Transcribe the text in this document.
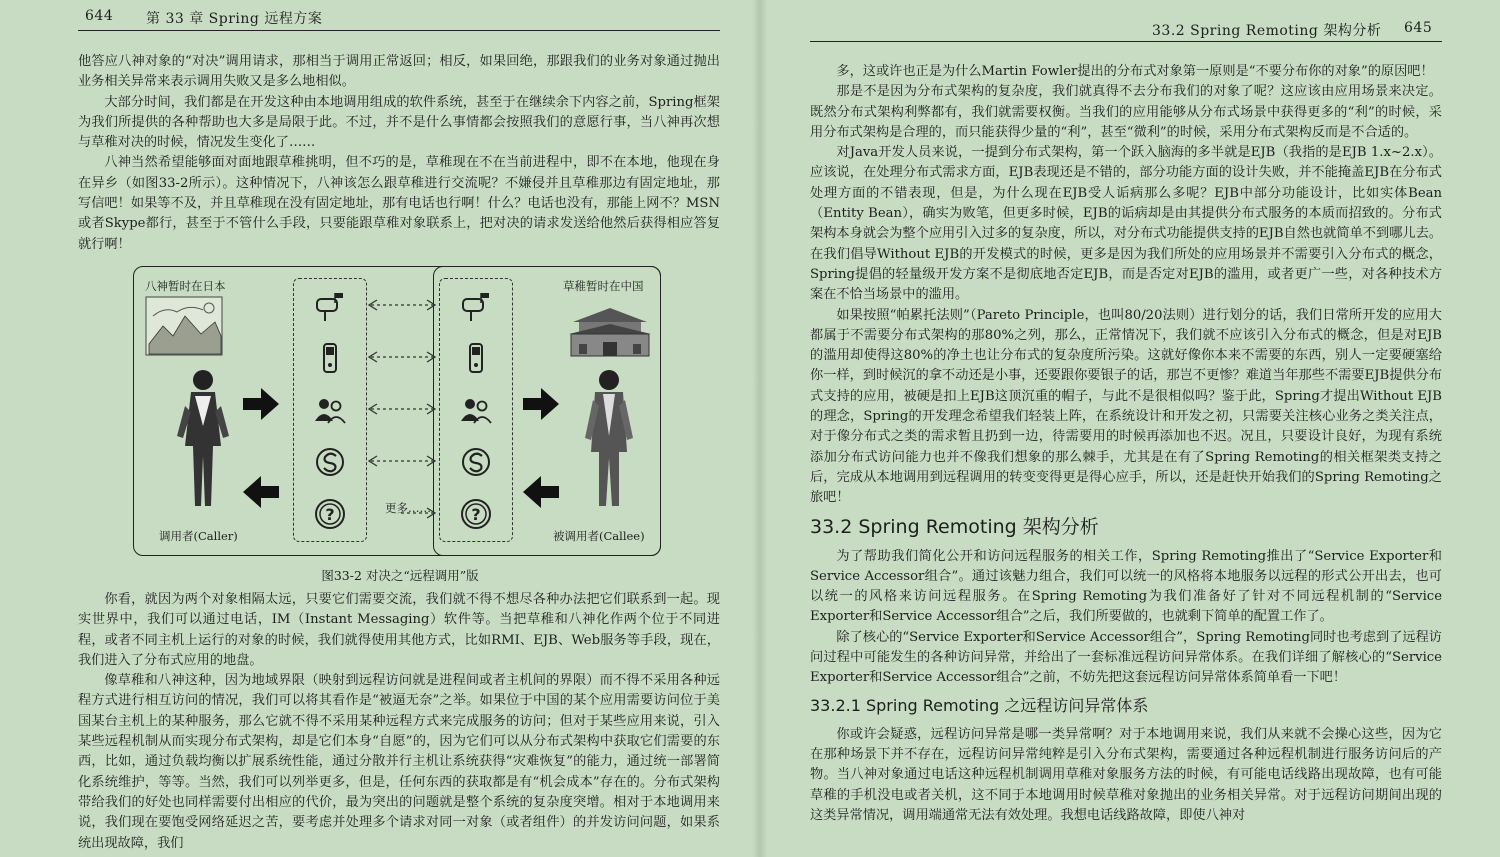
644 第 33 章 Spring 远程方案

他答应八神对象的“对决”调用请求，那相当于调用正常返回；相反，如果回绝，那跟我们的业务对象通过抛出业务相关异常来表示调用失败又是多么地相似。

大部分时间，我们都是在开发这种由本地调用组成的软件系统，甚至于在继续余下内容之前，Spring框架为我们所提供的各种帮助也大多是局限于此。不过，并不是什么事情都会按照我们的意愿行事，当八神再次想与草稚对决的时候，情况发生变化了……

八神当然希望能够面对面地跟草稚挑明，但不巧的是，草稚现在不在当前进程中，即不在本地，他现在身在异乡（如图33-2所示）。这种情况下，八神该怎么跟草稚进行交流呢？不嫌侵并且草稚那边有固定地址，那写信吧！如果等不及，并且草稚现在没有固定地址，那有电话也行啊！什么？电话也没有，那能上网不？MSN或者Skype都行，甚至于不管什么手段，只要能跟草稚对象联系上，把对决的请求发送给他然后获得相应答复就行啊！

八神暂时在日本	草稚暂时在中国
调用者(Caller)	被调用者(Callee)
?	?
更多……
图33-2 对决之“远程调用”版

你看，就因为两个对象相隔太远，只要它们需要交流，我们就不得不想尽各种办法把它们联系到一起。现实世界中，我们可以通过电话，IM（Instant Messaging）软件等。当把草稚和八神化作两个位于不同进程，或者不同主机上运行的对象的时候，我们就得使用其他方式，比如RMI、EJB、Web服务等手段，现在，我们进入了分布式应用的地盘。

像草稚和八神这种，因为地域界限（映射到远程访问就是进程间或者主机间的界限）而不得不采用各种远程方式进行相互访问的情况，我们可以将其看作是“被逼无奈”之举。如果位于中国的某个应用需要访问位于美国某台主机上的某种服务，那么它就不得不采用某种远程方式来完成服务的访问；但对于某些应用来说，引入某些远程机制从而实现分布式架构，却是它们本身“自愿”的，因为它们可以从分布式架构中获取它们需要的东西，比如，通过负载均衡以扩展系统性能，通过分散并行主机让系统获得“灾难恢复”的能力，通过统一部署简化系统维护，等等。当然，我们可以列举更多，但是，任何东西的获取都是有“机会成本”存在的。分布式架构带给我们的好处也同样需要付出相应的代价，最为突出的问题就是整个系统的复杂度突增。相对于本地调用来说，我们现在要饱受网络延迟之苦，要考虑并处理多个请求对同一对象（或者组件）的并发访问问题，如果系统出现故障，我们

33.2 Spring Remoting 架构分析 645

多，这或许也正是为什么Martin Fowler提出的分布式对象第一原则是“不要分布你的对象”的原因吧！

那是不是因为分布式架构的复杂度，我们就真得不去分布我们的对象了呢？这应该由应用场景来决定。既然分布式架构利弊都有，我们就需要权衡。当我们的应用能够从分布式场景中获得更多的“利”的时候，采用分布式架构是合理的，而只能获得少量的“利”，甚至“微利”的时候，采用分布式架构反而是不合适的。

对Java开发人员来说，一提到分布式架构，第一个跃入脑海的多半就是EJB（我指的是EJB 1.x~2.x）。应该说，在处理分布式需求方面，EJB表现还是不错的，部分功能方面的设计失败，并不能掩盖EJB在分布式处理方面的不错表现，但是，为什么现在EJB受人诟病那么多呢？EJB中部分功能设计，比如实体Bean（Entity Bean），确实为败笔，但更多时候，EJB的诟病却是由其提供分布式服务的本质而招致的。分布式架构本身就会为整个应用引入过多的复杂度，所以，对分布式功能提供支持的EJB自然也就简单不到哪儿去。在我们倡导Without EJB的开发模式的时候，更多是因为我们所处的应用场景并不需要引入分布式的概念，Spring提倡的轻量级开发方案不是彻底地否定EJB，而是否定对EJB的滥用，或者更广一些，对各种技术方案在不恰当场景中的滥用。

如果按照“帕累托法则”（Pareto Principle，也叫80/20法则）进行划分的话，我们日常所开发的应用大都属于不需要分布式架构的那80%之列，那么，正常情况下，我们就不应该引入分布式的概念，但是对EJB的滥用却使得这80%的净土也让分布式的复杂度所污染。这就好像你本来不需要的东西，别人一定要硬塞给你一样，到时候沉的拿不动还是小事，还要跟你要银子的话，那岂不更惨？难道当年那些不需要EJB提供分布式支持的应用，被硬是扣上EJB这顶沉重的帽子，与此不是很相似吗？鉴于此，Spring才提出Without EJB的理念，Spring的开发理念希望我们轻装上阵，在系统设计和开发之初，只需要关注核心业务之类关注点，对于像分布式之类的需求暂且扔到一边，待需要用的时候再添加也不迟。况且，只要设计良好，为现有系统添加分布式访问能力也并不像我们想象的那么棘手，尤其是在有了Spring Remoting的相关框架类支持之后，完成从本地调用到远程调用的转变变得更是得心应手，所以，还是赶快开始我们的Spring Remoting之旅吧！

33.2 Spring Remoting 架构分析

为了帮助我们简化公开和访问远程服务的相关工作，Spring Remoting推出了“Service Exporter和Service Accessor组合”。通过该魅力组合，我们可以统一的风格将本地服务以远程的形式公开出去，也可以统一的风格来访问远程服务。在Spring Remoting为我们准备好了针对不同远程机制的“Service Exporter和Service Accessor组合”之后，我们所要做的，也就剩下简单的配置工作了。

除了核心的“Service Exporter和Service Accessor组合”，Spring Remoting同时也考虑到了远程访问过程中可能发生的各种访问异常，并给出了一套标准远程访问异常体系。在我们详细了解核心的“Service Exporter和Service Accessor组合”之前，不妨先把这套远程访问异常体系简单看一下吧！

33.2.1 Spring Remoting 之远程访问异常体系

你或许会疑惑，远程访问异常是哪一类异常啊？对于本地调用来说，我们从来就不会操心这些，因为它在那种场景下并不存在，远程访问异常纯粹是引入分布式架构，需要通过各种远程机制进行服务访问后的产物。当八神对象通过电话这种远程机制调用草稚对象服务方法的时候，有可能电话线路出现故障，也有可能草稚的手机没电或者关机，这不同于本地调用时候草稚对象抛出的业务相关异常。对于远程访问期间出现的这类异常情况，调用端通常无法有效处理。我想电话线路故障，即使八神对
